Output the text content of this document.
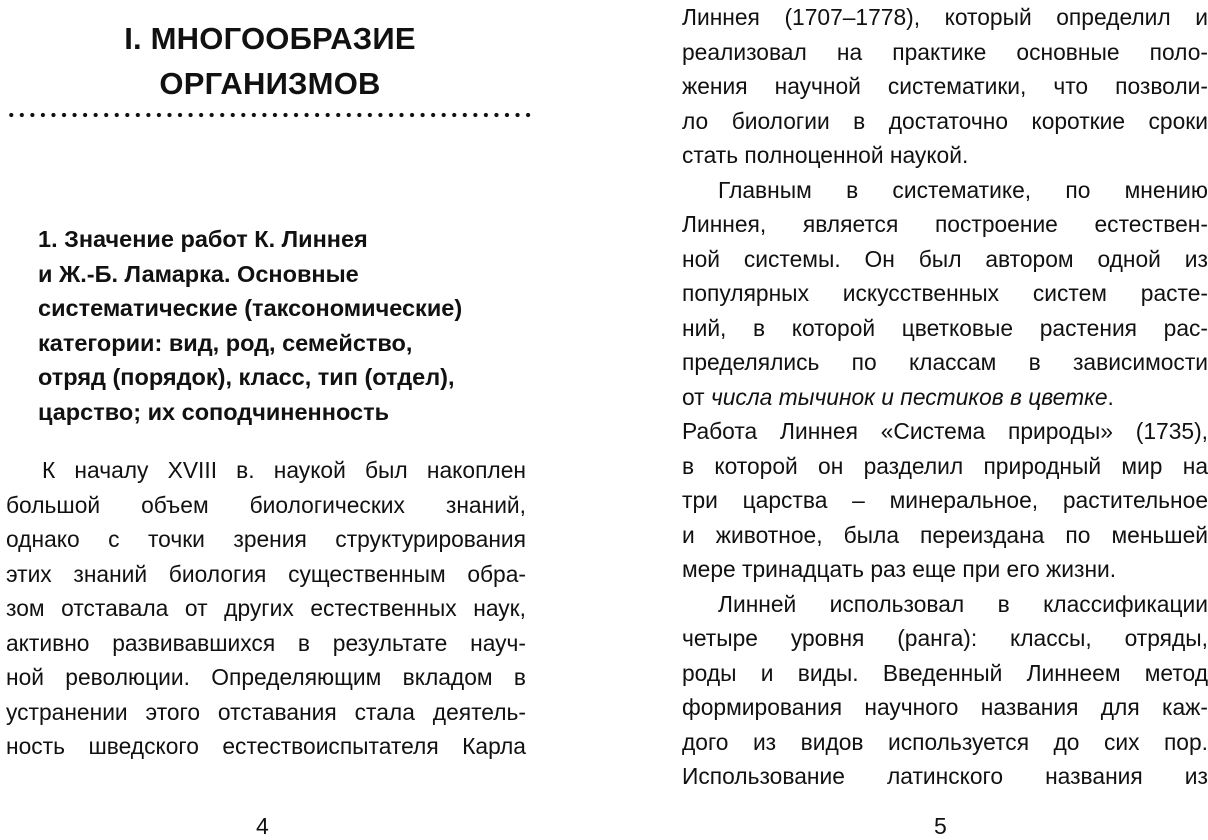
I. МНОГООБРАЗИЕ
ОРГАНИЗМОВ
1. Значение работ К. Линнея
и Ж.-Б. Ламарка. Основные
систематические (таксономические)
категории: вид, род, семейство,
отряд (порядок), класс, тип (отдел),
царство; их соподчиненность
К началу XVIII в. наукой был накоплен
большой объем биологических знаний,
однако с точки зрения структурирования
этих знаний биология существенным обра-
зом отставала от других естественных наук,
активно развивавшихся в результате науч-
ной революции. Определяющим вкладом в
устранении этого отставания стала деятель-
ность шведского естествоиспытателя Карла
4
Линнея (1707–1778), который определил и
реализовал на практике основные поло-
жения научной систематики, что позволи-
ло биологии в достаточно короткие сроки
стать полноценной наукой.
Главным в систематике, по мнению
Линнея, является построение естествен-
ной системы. Он был автором одной из
популярных искусственных систем расте-
ний, в которой цветковые растения рас-
пределялись по классам в зависимости
от числа тычинок и пестиков в цветке.
Работа Линнея «Система природы» (1735),
в которой он разделил природный мир на
три царства – минеральное, растительное
и животное, была переиздана по меньшей
мере тринадцать раз еще при его жизни.
Линней использовал в классификации
четыре уровня (ранга): классы, отряды,
роды и виды. Введенный Линнеем метод
формирования научного названия для каж-
дого из видов используется до сих пор.
Использование латинского названия из
5
